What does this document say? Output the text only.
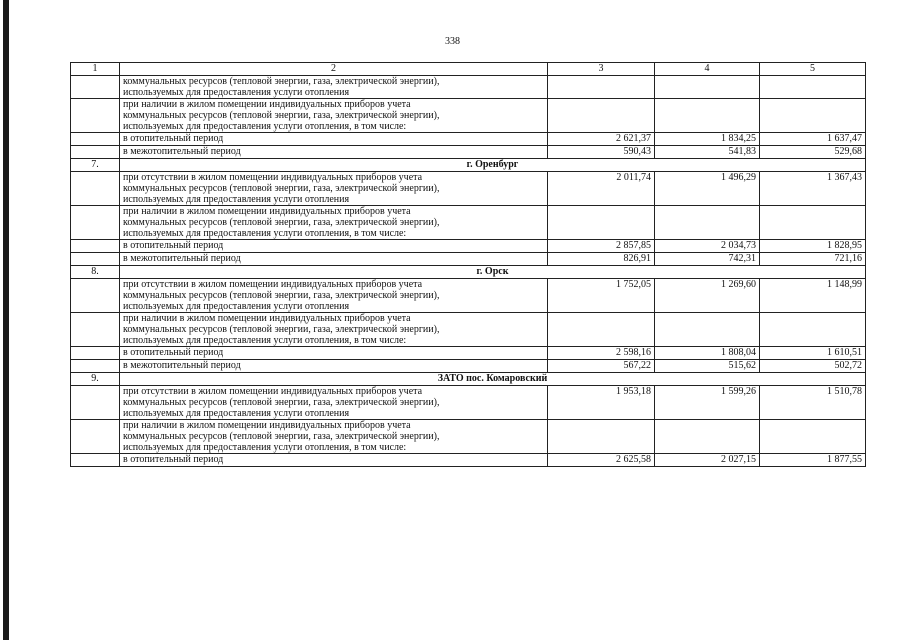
338
1	2	3	4	5

	коммунальных ресурсов (тепловой энергии, газа, электрической энергии),
используемых для предоставления услуги отопления			

	при наличии в жилом помещении индивидуальных приборов учета
коммунальных ресурсов (тепловой энергии, газа, электрической энергии),
используемых для предоставления услуги отопления, в том числе:			

	в отопительный период	2 621,37	1 834,25	1 637,47
	в межотопительный период	590,43	541,83	529,68
7.	г. Оренбург			

	при отсутствии в жилом помещении индивидуальных приборов учета
коммунальных ресурсов (тепловой энергии, газа, электрической энергии),
используемых для предоставления услуги отопления	2 011,74	1 496,29	1 367,43

	при наличии в жилом помещении индивидуальных приборов учета
коммунальных ресурсов (тепловой энергии, газа, электрической энергии),
используемых для предоставления услуги отопления, в том числе:			

	в отопительный период	2 857,85	2 034,73	1 828,95
	в межотопительный период	826,91	742,31	721,16
8.	г. Орск			

	при отсутствии в жилом помещении индивидуальных приборов учета
коммунальных ресурсов (тепловой энергии, газа, электрической энергии),
используемых для предоставления услуги отопления	1 752,05	1 269,60	1 148,99

	при наличии в жилом помещении индивидуальных приборов учета
коммунальных ресурсов (тепловой энергии, газа, электрической энергии),
используемых для предоставления услуги отопления, в том числе:			

	в отопительный период	2 598,16	1 808,04	1 610,51
	в межотопительный период	567,22	515,62	502,72
9.	ЗАТО пос. Комаровский			

	при отсутствии в жилом помещении индивидуальных приборов учета
коммунальных ресурсов (тепловой энергии, газа, электрической энергии),
используемых для предоставления услуги отопления	1 953,18	1 599,26	1 510,78

	при наличии в жилом помещении индивидуальных приборов учета
коммунальных ресурсов (тепловой энергии, газа, электрической энергии),
используемых для предоставления услуги отопления, в том числе:			

	в отопительный период	2 625,58	2 027,15	1 877,55
